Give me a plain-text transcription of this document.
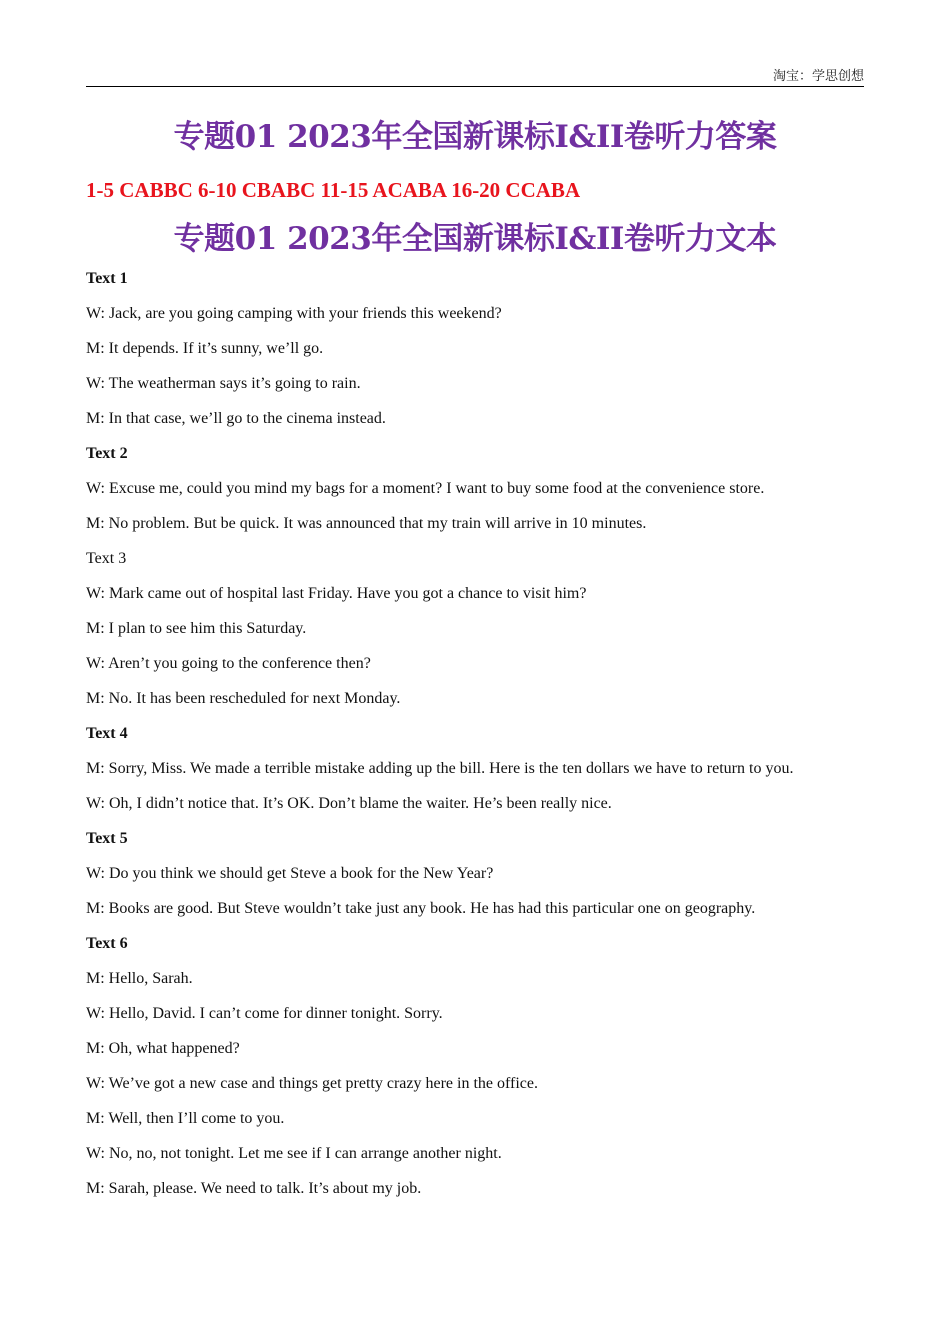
淘宝：学思创想
专题01 2023年全国新课标I&II卷听力答案
1-5 CABBC 6-10 CBABC 11-15 ACABA 16-20 CCABA
专题01 2023年全国新课标I&II卷听力文本
Text 1
W: Jack, are you going camping with your friends this weekend?
M: It depends. If it’s sunny, we’ll go.
W: The weatherman says it’s going to rain.
M: In that case, we’ll go to the cinema instead.
Text 2
W: Excuse me, could you mind my bags for a moment? I want to buy some food at the convenience store.
M: No problem. But be quick. It was announced that my train will arrive in 10 minutes.
Text 3
W: Mark came out of hospital last Friday. Have you got a chance to visit him?
M: I plan to see him this Saturday.
W: Aren’t you going to the conference then?
M: No. It has been rescheduled for next Monday.
Text 4
M: Sorry, Miss. We made a terrible mistake adding up the bill. Here is the ten dollars we have to return to you.
W: Oh, I didn’t notice that. It’s OK. Don’t blame the waiter. He’s been really nice.
Text 5
W: Do you think we should get Steve a book for the New Year?
M: Books are good. But Steve wouldn’t take just any book. He has had this particular one on geography.
Text 6
M: Hello, Sarah.
W: Hello, David. I can’t come for dinner tonight. Sorry.
M: Oh, what happened?
W: We’ve got a new case and things get pretty crazy here in the office.
M: Well, then I’ll come to you.
W: No, no, not tonight. Let me see if I can arrange another night.
M: Sarah, please. We need to talk. It’s about my job.
